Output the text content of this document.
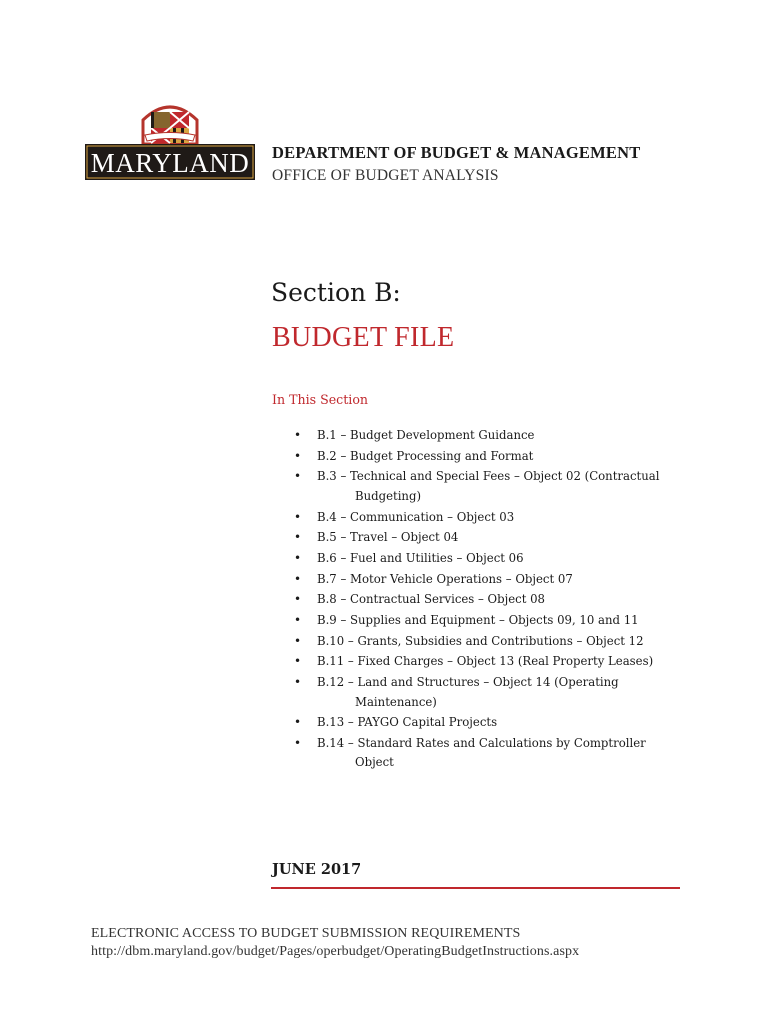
MARYLAND DEPARTMENT OF BUDGET & MANAGEMENT
OFFICE OF BUDGET ANALYSIS
Section B:
BUDGET FILE
In This Section
• B.1 – Budget Development Guidance
• B.2 – Budget Processing and Format
• B.3 – Technical and Special Fees – Object 02 (Contractual
Budgeting)
• B.4 – Communication – Object 03
• B.5 – Travel – Object 04
• B.6 – Fuel and Utilities – Object 06
• B.7 – Motor Vehicle Operations – Object 07
• B.8 – Contractual Services – Object 08
• B.9 – Supplies and Equipment – Objects 09, 10 and 11
• B.10 – Grants, Subsidies and Contributions – Object 12
• B.11 – Fixed Charges – Object 13 (Real Property Leases)
• B.12 – Land and Structures – Object 14 (Operating
Maintenance)
• B.13 – PAYGO Capital Projects
• B.14 – Standard Rates and Calculations by Comptroller
Object
JUNE 2017
ELECTRONIC ACCESS TO BUDGET SUBMISSION REQUIREMENTS
http://dbm.maryland.gov/budget/Pages/operbudget/OperatingBudgetInstructions.aspx
